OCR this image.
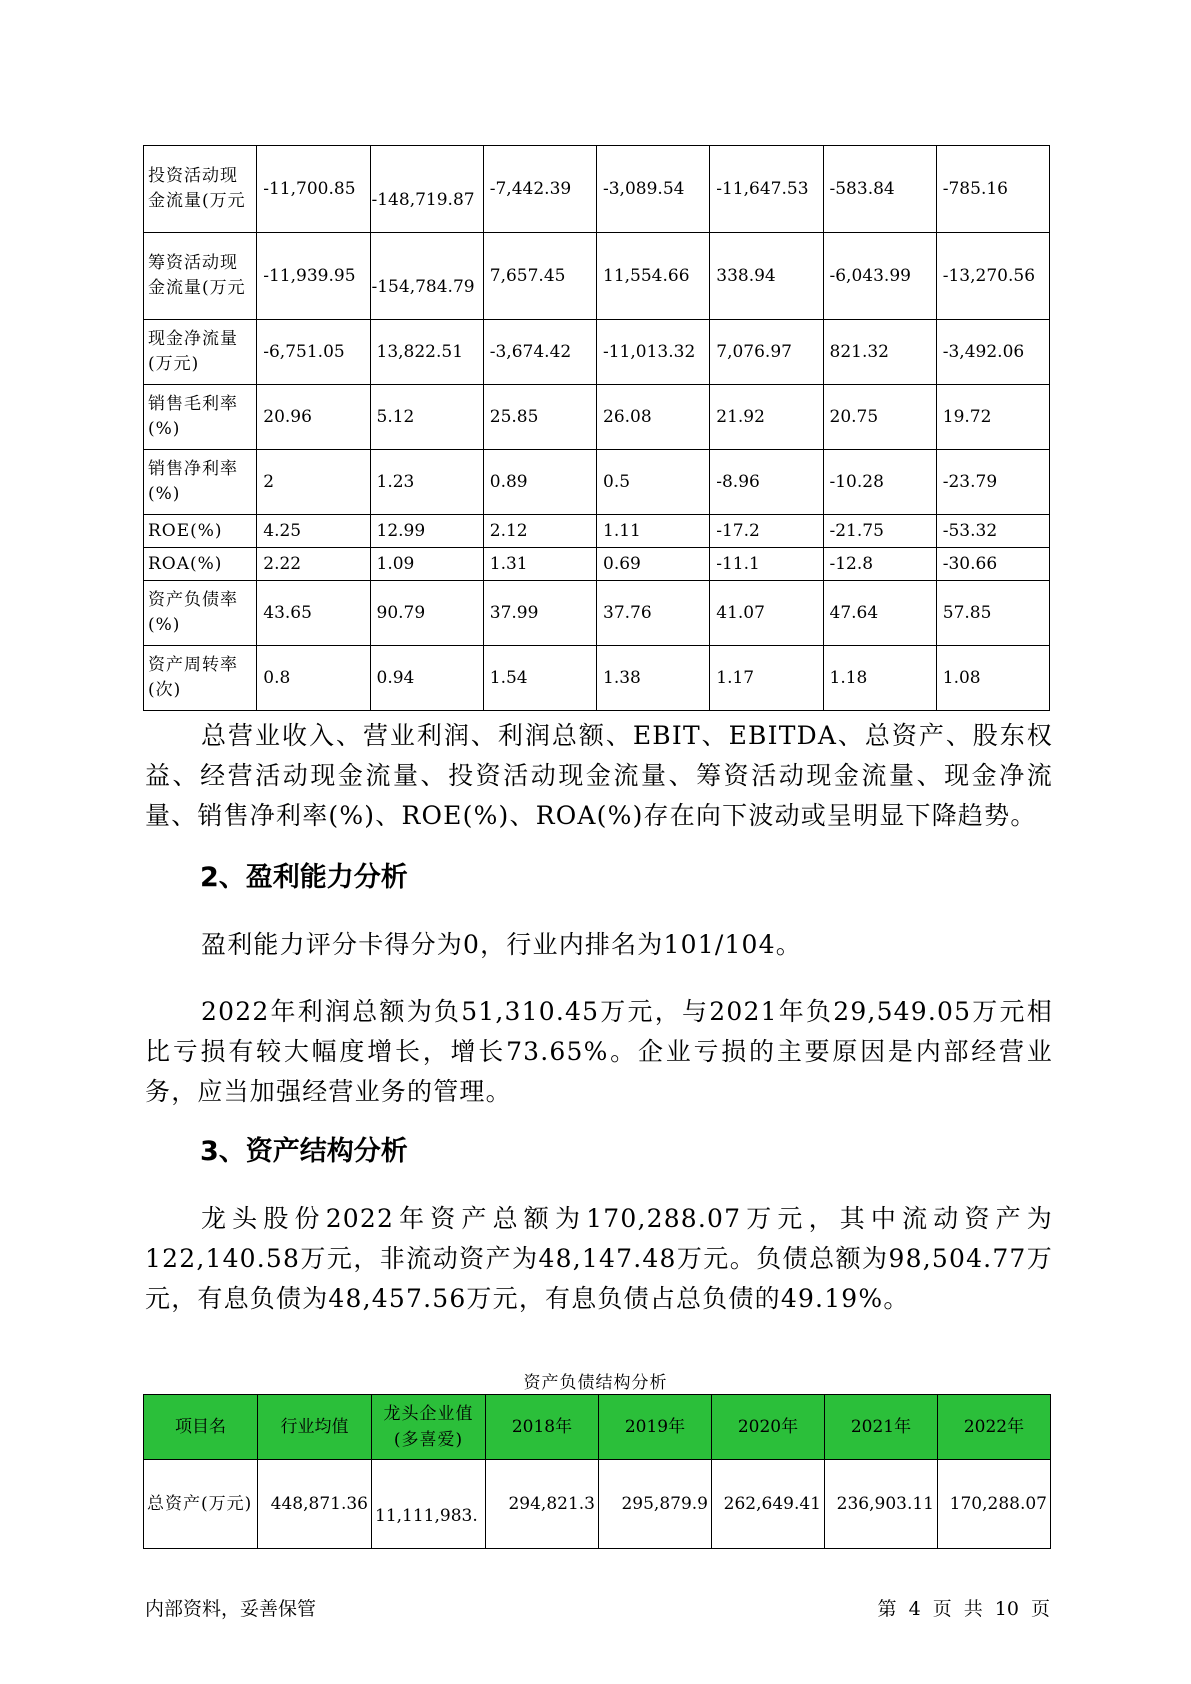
投资活动现金流量(万元	-11,700.85	-148,719.87	-7,442.39	-3,089.54	-11,647.53	-583.84	-785.16
筹资活动现金流量(万元	-11,939.95	-154,784.79	7,657.45	11,554.66	338.94	-6,043.99	-13,270.56
现金净流量(万元)	-6,751.05	13,822.51	-3,674.42	-11,013.32	7,076.97	821.32	-3,492.06
销售毛利率(%)	20.96	5.12	25.85	26.08	21.92	20.75	19.72
销售净利率(%)	2	1.23	0.89	0.5	-8.96	-10.28	-23.79
ROE(%)	4.25	12.99	2.12	1.11	-17.2	-21.75	-53.32
ROA(%)	2.22	1.09	1.31	0.69	-11.1	-12.8	-30.66
资产负债率(%)	43.65	90.79	37.99	37.76	41.07	47.64	57.85
资产周转率(次)	0.8	0.94	1.54	1.38	1.17	1.18	1.08

总营业收入、营业利润、利润总额、EBIT、EBITDA、总资产、股东权益、经营活动现金流量、投资活动现金流量、筹资活动现金流量、现金净流量、销售净利率(%)、ROE(%)、ROA(%)存在向下波动或呈明显下降趋势。

2、盈利能力分析

盈利能力评分卡得分为0，行业内排名为101/104。

2022年利润总额为负51,310.45万元，与2021年负29,549.05万元相比亏损有较大幅度增长，增长73.65%。企业亏损的主要原因是内部经营业务，应当加强经营业务的管理。

3、资产结构分析

龙头股份2022年资产总额为170,288.07万元，其中流动资产为122,140.58万元，非流动资产为48,147.48万元。负债总额为98,504.77万元，有息负债为48,457.56万元，有息负债占总负债的49.19%。

资产负债结构分析
项目名	行业均值	龙头企业值(多喜爱)	2018年	2019年	2020年	2021年	2022年
总资产(万元)	448,871.36	11,111,983.	294,821.3	295,879.9	262,649.41	236,903.11	170,288.07
内部资料，妥善保管	第 4 页 共 10 页
